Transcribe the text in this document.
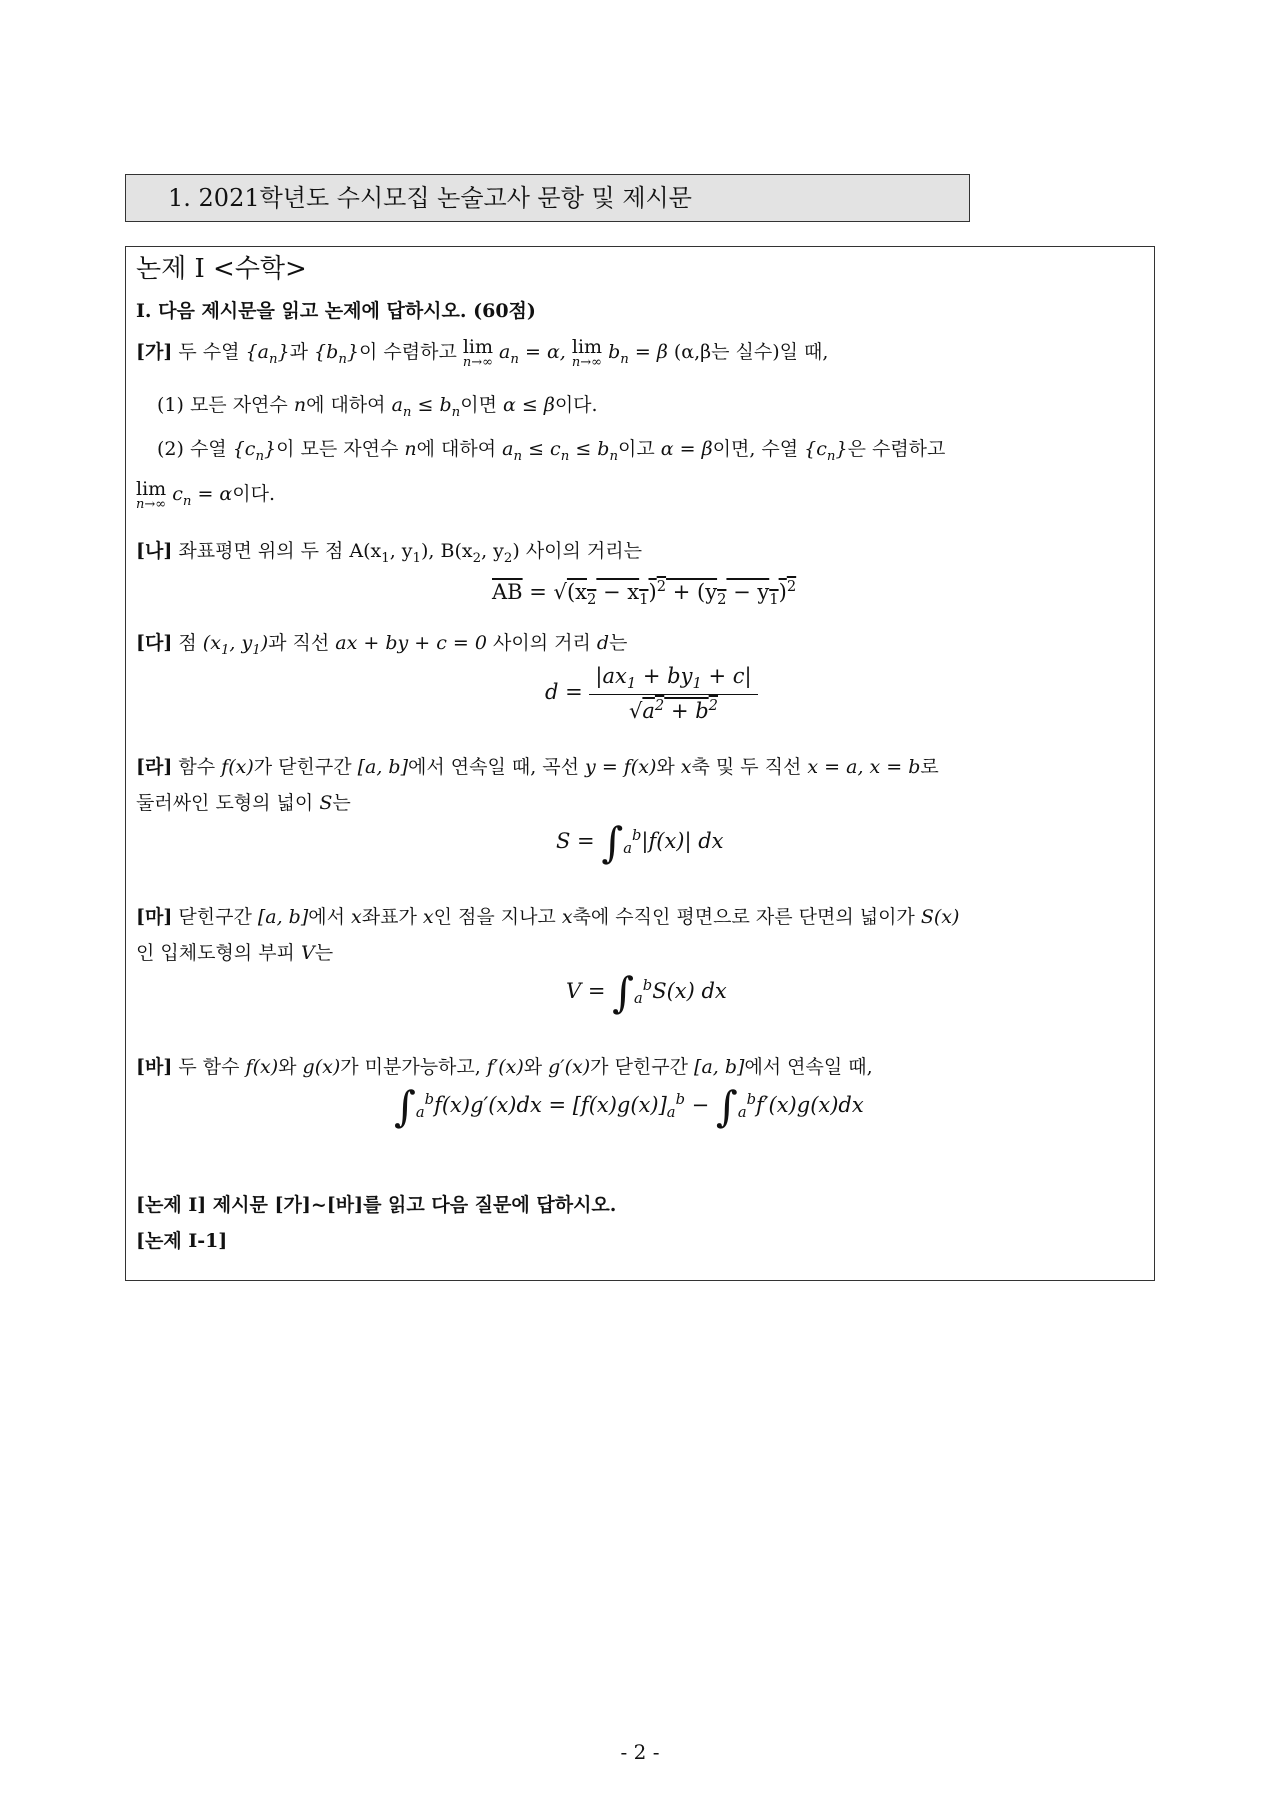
1. 2021학년도 수시모집 논술고사 문항 및 제시문
논제 I <수학>
I. 다음 제시문을 읽고 논제에 답하시오. (60점)
[가] 두 수열 $\{a_n\}$과 $\{b_n\}$이 수렴하고 lim
n→∞ $a_n = \alpha$, lim
n→∞ $b_n = \beta$ (α,β는 실수)일 때,
(1) 모든 자연수 n에 대하여 $a_n \le b_n$이면 α ≤ β이다.
(2) 수열 $\{c_n\}$이 모든 자연수 n에 대하여 $a_n \le c_n \le b_n$이고 α = β이면, 수열 $\{c_n\}$은 수렴하고
lim
n→∞ $c_n = \alpha$이다.
[나] 좌표평면 위의 두 점 $A(x_1$, $y_1$), $B(x_2$, $y_2$) 사이의 거리는
$\overline{AB} = √(x_2 - x_1)^2 + (y_2 - y_1)^2$
[다] 점 ($x_1$, $y_1$)과 직선 ax + by + c = 0 사이의 거리 d는
$d = \frac{|ax_1 + by_1 + c|}{√a^2 + b^2}$
[라] 함수 f(x)가 닫힌구간 [a, b]에서 연속일 때, 곡선 y = f(x)와 x축 및 두 직선 x = a, x = b로
둘러싸인 도형의 넓이 S는
$S = \int_a^b|f(x)|$ dx
[마] 닫힌구간 [a, b]에서 x좌표가 x인 점을 지나고 x축에 수직인 평면으로 자른 단면의 넓이가 S(x)
인 입체도형의 부피 V는
$V = \int_a^bS(x)$ dx
[바] 두 함수 f(x)와 g(x)가 미분가능하고, f′(x)와 g′(x)가 닫힌구간 [a, b]에서 연속일 때,
$\int_a^bf(x)g'(x)dx = [f(x)g(x)]_a^b - \int_a^bf'(x)g(x)dx$
[논제 I] 제시문 [가]~[바]를 읽고 다음 질문에 답하시오.
[논제 I-1]
- 2 -
